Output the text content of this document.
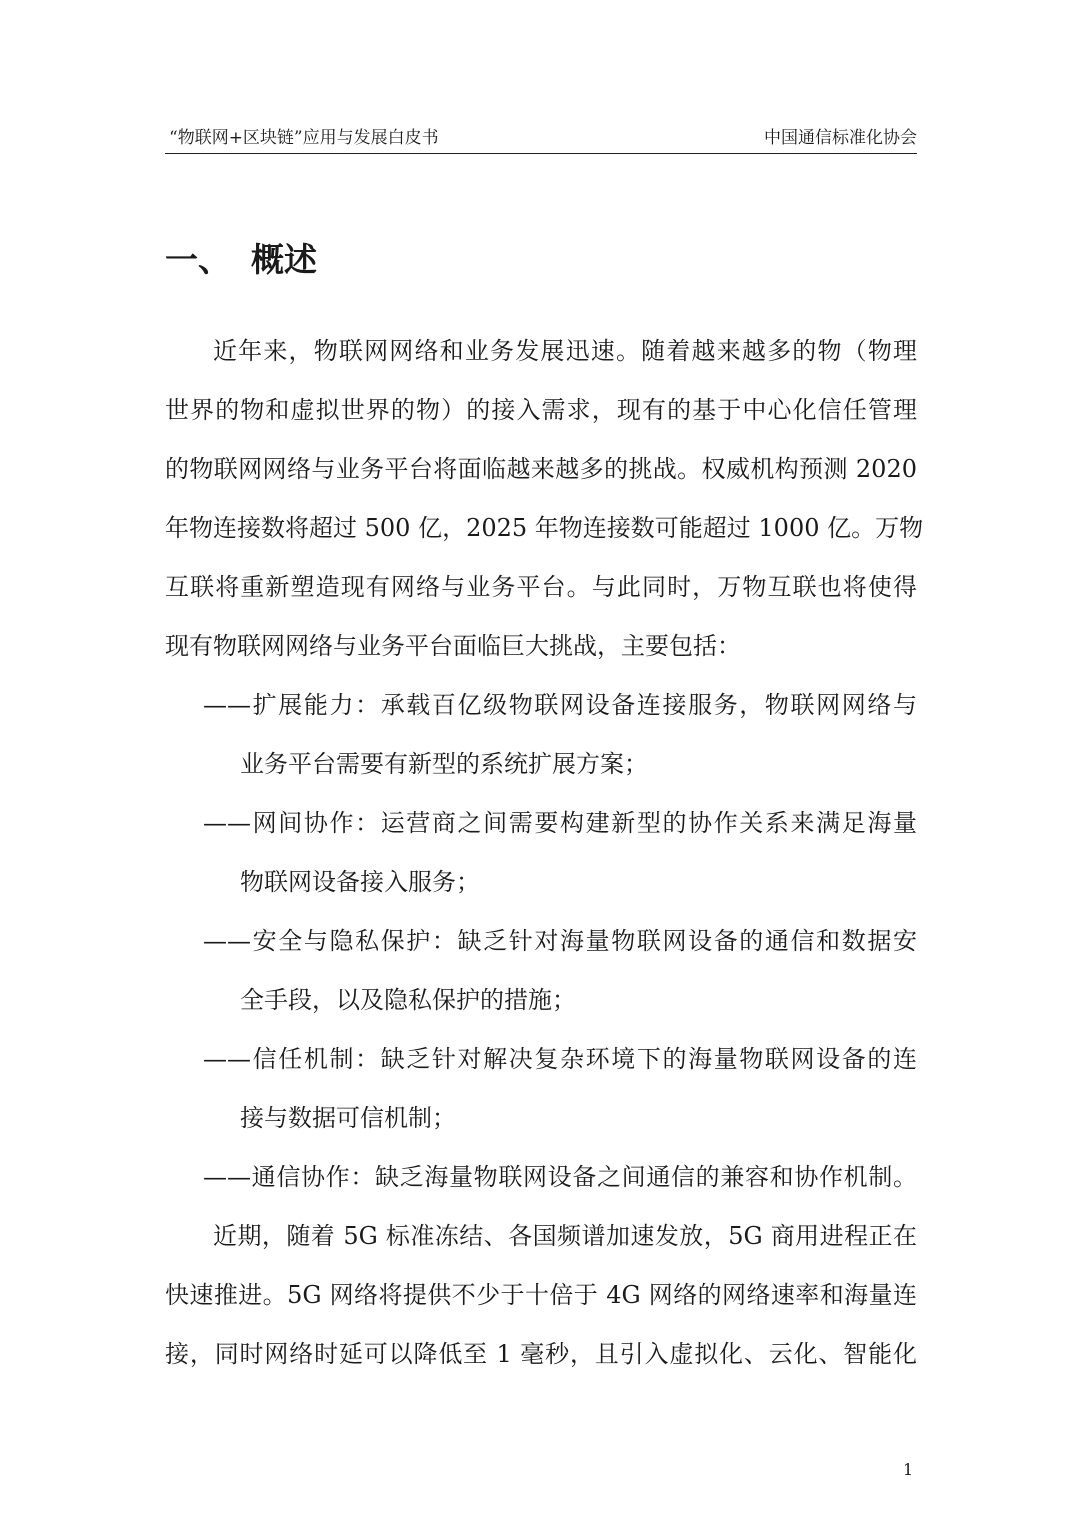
“物联网+区块链”应用与发展白皮书	中国通信标准化协会
一、 概述
近年来，物联网网络和业务发展迅速。随着越来越多的物（物理
世界的物和虚拟世界的物）的接入需求，现有的基于中心化信任管理
的物联网网络与业务平台将面临越来越多的挑战。权威机构预测 2020
年物连接数将超过 500 亿，2025 年物连接数可能超过 1000 亿。万物
互联将重新塑造现有网络与业务平台。与此同时，万物互联也将使得
现有物联网网络与业务平台面临巨大挑战，主要包括：
——扩展能力：承载百亿级物联网设备连接服务，物联网网络与
业务平台需要有新型的系统扩展方案；
——网间协作：运营商之间需要构建新型的协作关系来满足海量
物联网设备接入服务；
——安全与隐私保护：缺乏针对海量物联网设备的通信和数据安
全手段，以及隐私保护的措施；
——信任机制：缺乏针对解决复杂环境下的海量物联网设备的连
接与数据可信机制；
——通信协作：缺乏海量物联网设备之间通信的兼容和协作机制。
近期，随着 5G 标准冻结、各国频谱加速发放，5G 商用进程正在
快速推进。5G 网络将提供不少于十倍于 4G 网络的网络速率和海量连
接，同时网络时延可以降低至 1 毫秒，且引入虚拟化、云化、智能化
1
